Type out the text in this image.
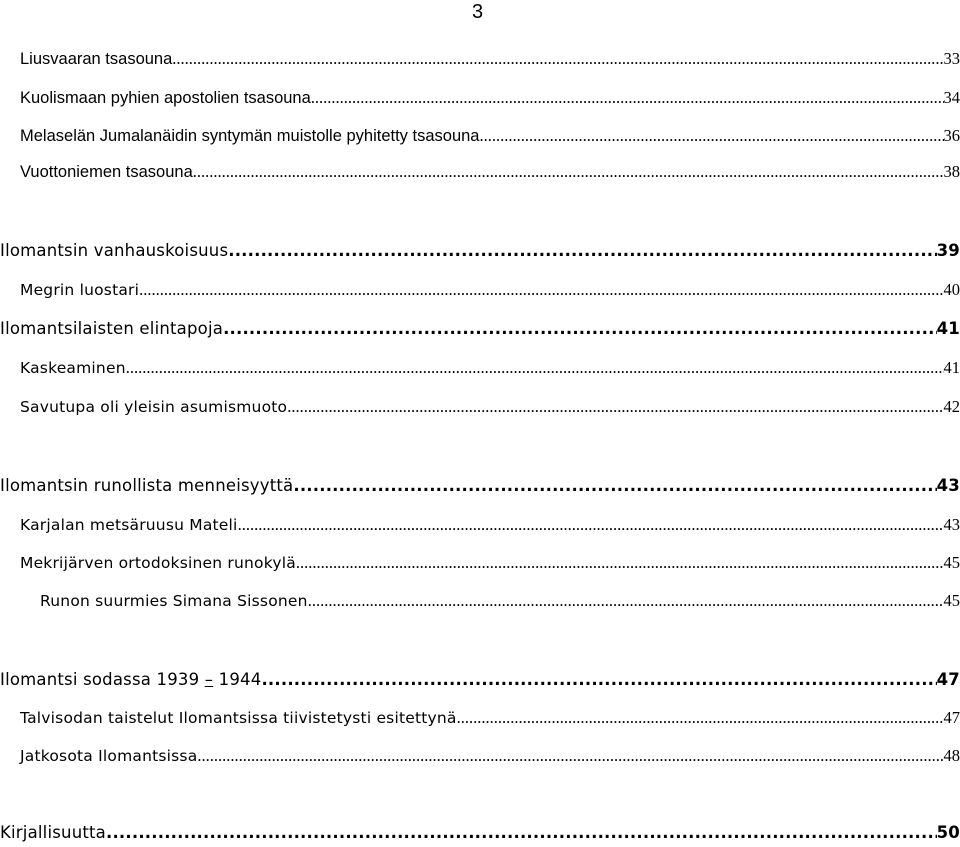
3
Liusvaaran tsasouna .....	33
Kuolismaan pyhien apostolien tsasouna .....	34
Melaselän Jumalanäidin syntymän muistolle pyhitetty tsasouna .....	36
Vuottoniemen tsasouna .....	38
Ilomantsin vanhauskoisuus .....	39
Megrin luostari .....	40
Ilomantsilaisten elintapoja .....	41
Kaskeaminen .....	41
Savutupa oli yleisin asumismuoto .....	42
Ilomantsin runollista menneisyyttä .....	43
Karjalan metsäruusu Mateli .....	43
Mekrijärven ortodoksinen runokylä .....	45
Runon suurmies Simana Sissonen .....	45
Ilomantsi sodassa 1939 – 1944 .....	47
Talvisodan taistelut Ilomantsissa tiivistetysti esitettynä .....	47
Jatkosota Ilomantsissa .....	48
Kirjallisuutta .....	50
